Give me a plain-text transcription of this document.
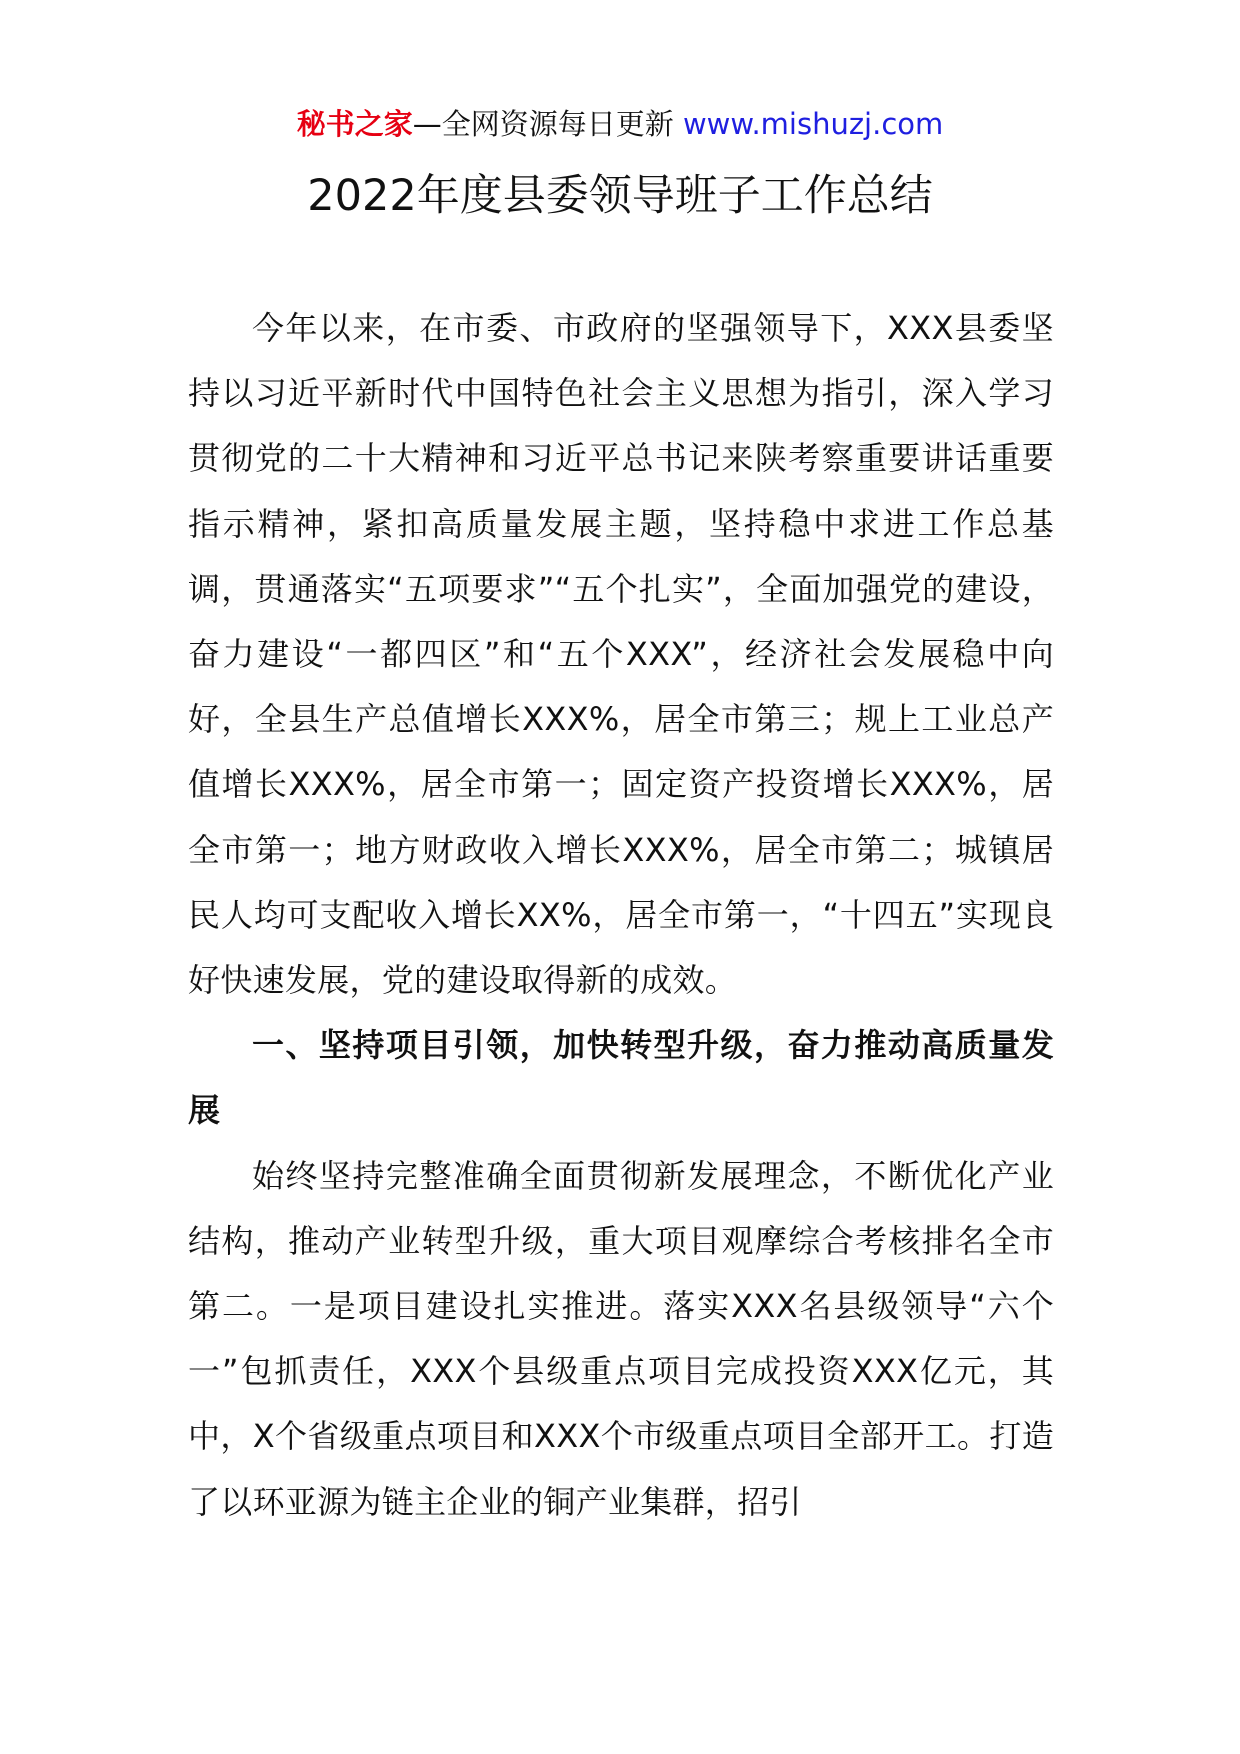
秘书之家—全网资源每日更新 www.mishuzj.com
2022年度县委领导班子工作总结

今年以来，在市委、市政府的坚强领导下，XXX县委坚持以习近平新时代中国特色社会主义思想为指引，深入学习贯彻党的二十大精神和习近平总书记来陕考察重要讲话重要指示精神，紧扣高质量发展主题，坚持稳中求进工作总基调，贯通落实“五项要求”“五个扎实”，全面加强党的建设，奋力建设“一都四区”和“五个XXX”，经济社会发展稳中向好，全县生产总值增长XXX%，居全市第三；规上工业总产值增长XXX%，居全市第一；固定资产投资增长XXX%，居全市第一；地方财政收入增长XXX%，居全市第二；城镇居民人均可支配收入增长XX%，居全市第一，“十四五”实现良好快速发展，党的建设取得新的成效。

一、坚持项目引领，加快转型升级，奋力推动高质量发展

始终坚持完整准确全面贯彻新发展理念，不断优化产业结构，推动产业转型升级，重大项目观摩综合考核排名全市第二。一是项目建设扎实推进。落实XXX名县级领导“六个一”包抓责任，XXX个县级重点项目完成投资XXX亿元，其中，X个省级重点项目和XXX个市级重点项目全部开工。打造了以环亚源为链主企业的铜产业集群，招引
